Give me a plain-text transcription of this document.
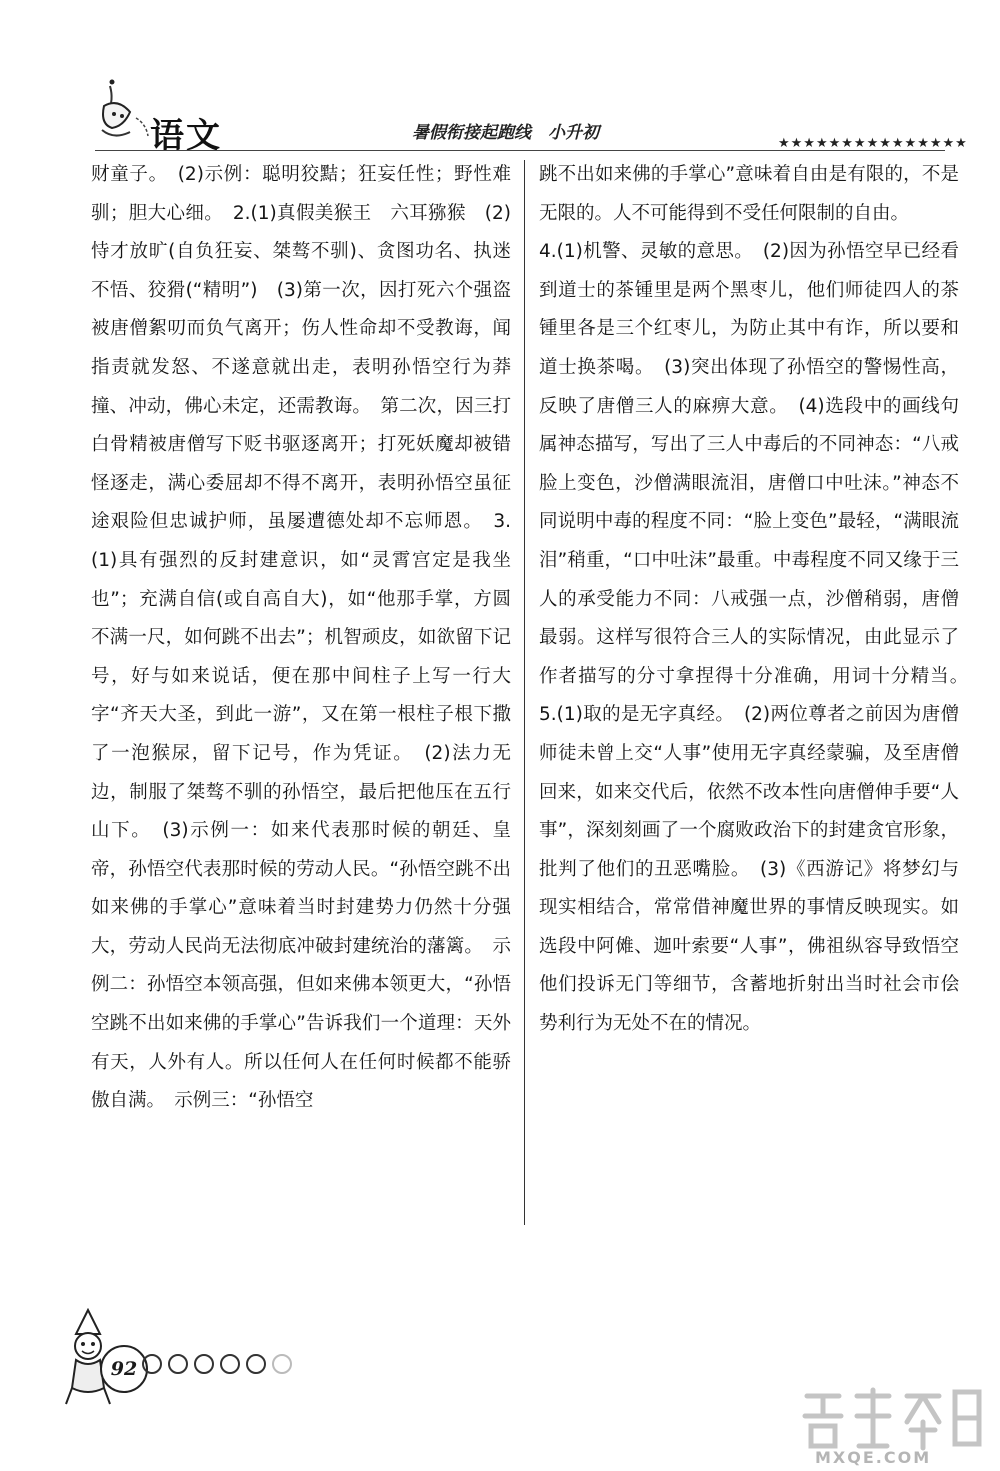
语文	暑假衔接起跑线　小升初
★★★★★★★★★★★★★★★

财童子。　(2)示例：聪明狡黠；狂妄任性；野性难驯；胆大心细。　2.(1)真假美猴王　六耳猕猴　(2)恃才放旷(自负狂妄、桀骜不驯)、贪图功名、执迷不悟、狡猾(“精明”)　(3)第一次，因打死六个强盗被唐僧絮叨而负气离开；伤人性命却不受教诲，闻指责就发怒、不遂意就出走，表明孙悟空行为莽撞、冲动，佛心未定，还需教诲。　第二次，因三打白骨精被唐僧写下贬书驱逐离开；打死妖魔却被错怪逐走，满心委屈却不得不离开，表明孙悟空虽征途艰险但忠诚护师，虽屡遭德处却不忘师恩。　3.(1)具有强烈的反封建意识，如“灵霄宫定是我坐也”；充满自信(或自高自大)，如“他那手掌，方圆不满一尺，如何跳不出去”；机智顽皮，如欲留下记号，好与如来说话，便在那中间柱子上写一行大字“齐天大圣，到此一游”，又在第一根柱子根下撒了一泡猴尿，留下记号，作为凭证。　(2)法力无边，制服了桀骜不驯的孙悟空，最后把他压在五行山下。　(3)示例一：如来代表那时候的朝廷、皇帝，孙悟空代表那时候的劳动人民。“孙悟空跳不出如来佛的手掌心”意味着当时封建势力仍然十分强大，劳动人民尚无法彻底冲破封建统治的藩篱。　示例二：孙悟空本领高强，但如来佛本领更大，“孙悟空跳不出如来佛的手掌心”告诉我们一个道理：天外有天，人外有人。所以任何人在任何时候都不能骄傲自满。　示例三：“孙悟空

跳不出如来佛的手掌心”意味着自由是有限的，不是无限的。人不可能得到不受任何限制的自由。

4.(1)机警、灵敏的意思。　(2)因为孙悟空早已经看到道士的茶锺里是两个黑枣儿，他们师徒四人的茶锺里各是三个红枣儿，为防止其中有诈，所以要和道士换茶喝。　(3)突出体现了孙悟空的警惕性高，反映了唐僧三人的麻痹大意。　(4)选段中的画线句属神态描写，写出了三人中毒后的不同神态：“八戒脸上变色，沙僧满眼流泪，唐僧口中吐沫。”神态不同说明中毒的程度不同：“脸上变色”最轻，“满眼流泪”稍重，“口中吐沫”最重。中毒程度不同又缘于三人的承受能力不同：八戒强一点，沙僧稍弱，唐僧最弱。这样写很符合三人的实际情况，由此显示了作者描写的分寸拿捏得十分准确，用词十分精当。　5.(1)取的是无字真经。　(2)两位尊者之前因为唐僧师徒未曾上交“人事”使用无字真经蒙骗，及至唐僧回来，如来交代后，依然不改本性向唐僧伸手要“人事”，深刻刻画了一个腐败政治下的封建贪官形象，批判了他们的丑恶嘴脸。　(3)《西游记》将梦幻与现实相结合，常常借神魔世界的事情反映现实。如选段中阿傩、迦叶索要“人事”，佛祖纵容导致悟空他们投诉无门等细节，含蓄地折射出当时社会市侩势利行为无处不在的情况。

92
MXQE.COM
